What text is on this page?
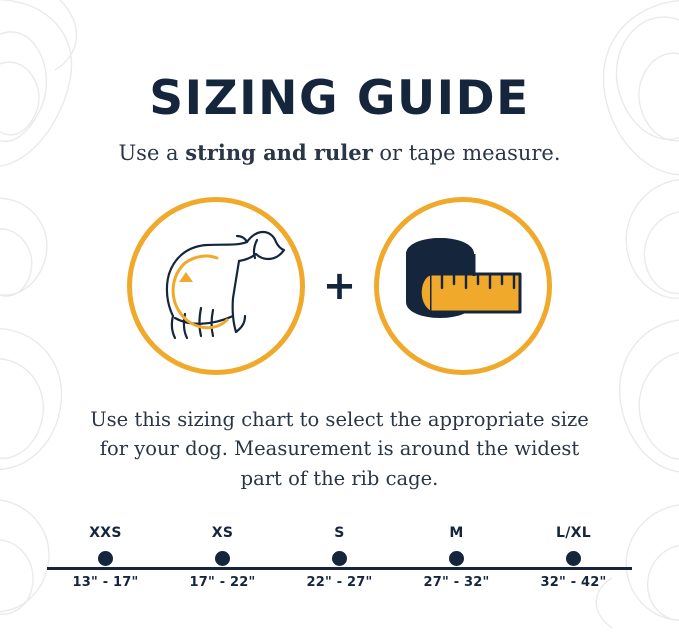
SIZING GUIDE
Use a string and ruler or tape measure.
+

Use this sizing chart to select the appropriate size for your dog. Measurement is around the widest part of the rib cage.

XXS
13" - 17"
XS
17" - 22"
S
22" - 27"
M
27" - 32"
L/XL
32" - 42"
